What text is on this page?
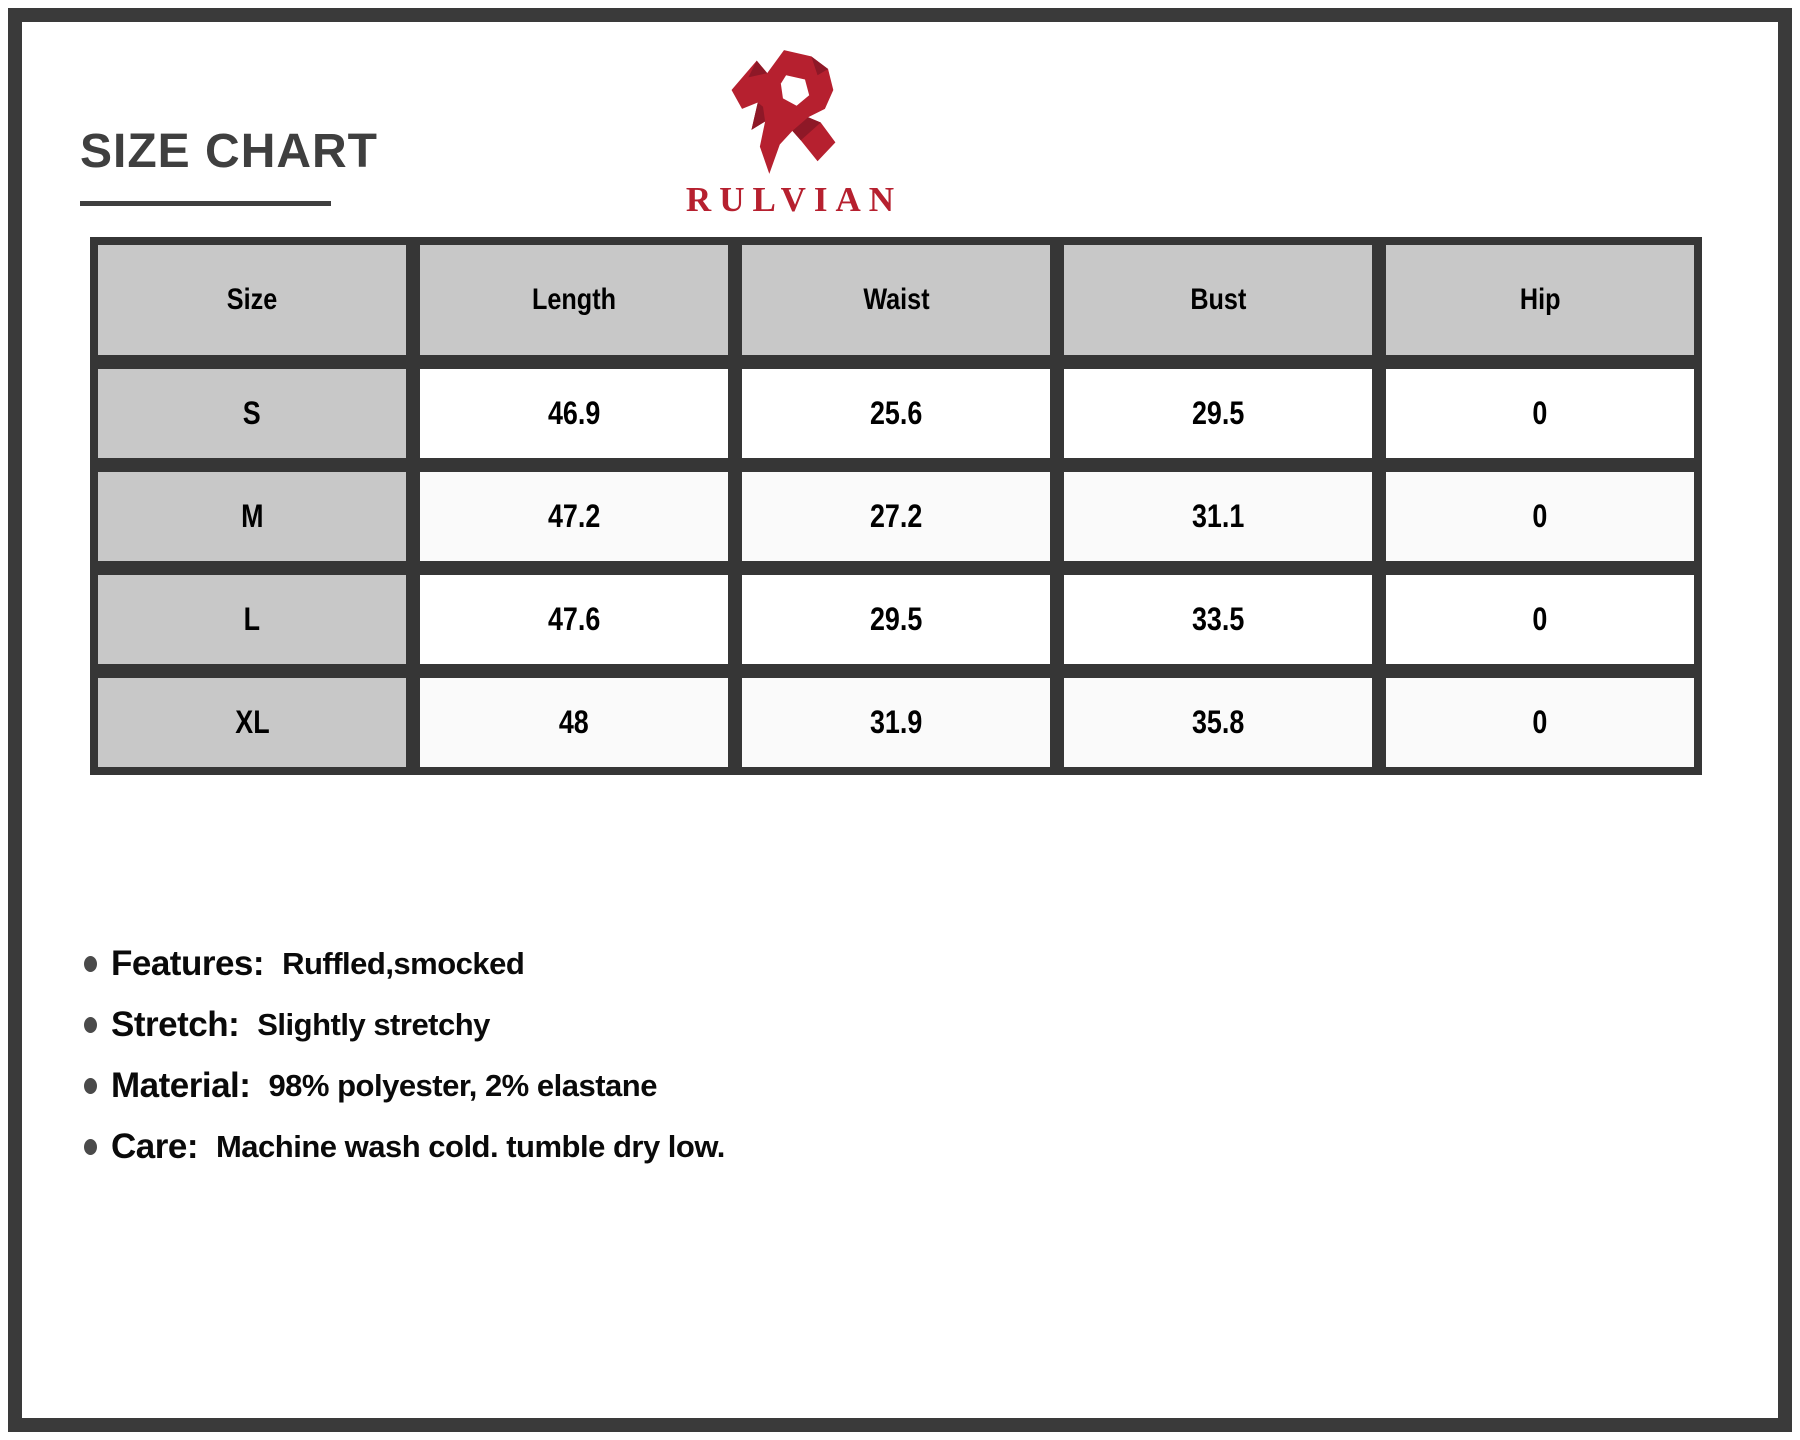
SIZE CHART
RULVIAN
Size	Length	Waist	Bust	Hip
S	46.9	25.6	29.5	0
M	47.2	27.2	31.1	0
L	47.6	29.5	33.5	0
XL	48	31.9	35.8	0
Features: Ruffled,smocked
Stretch: Slightly stretchy
Material: 98% polyester, 2% elastane
Care: Machine wash cold. tumble dry low.
